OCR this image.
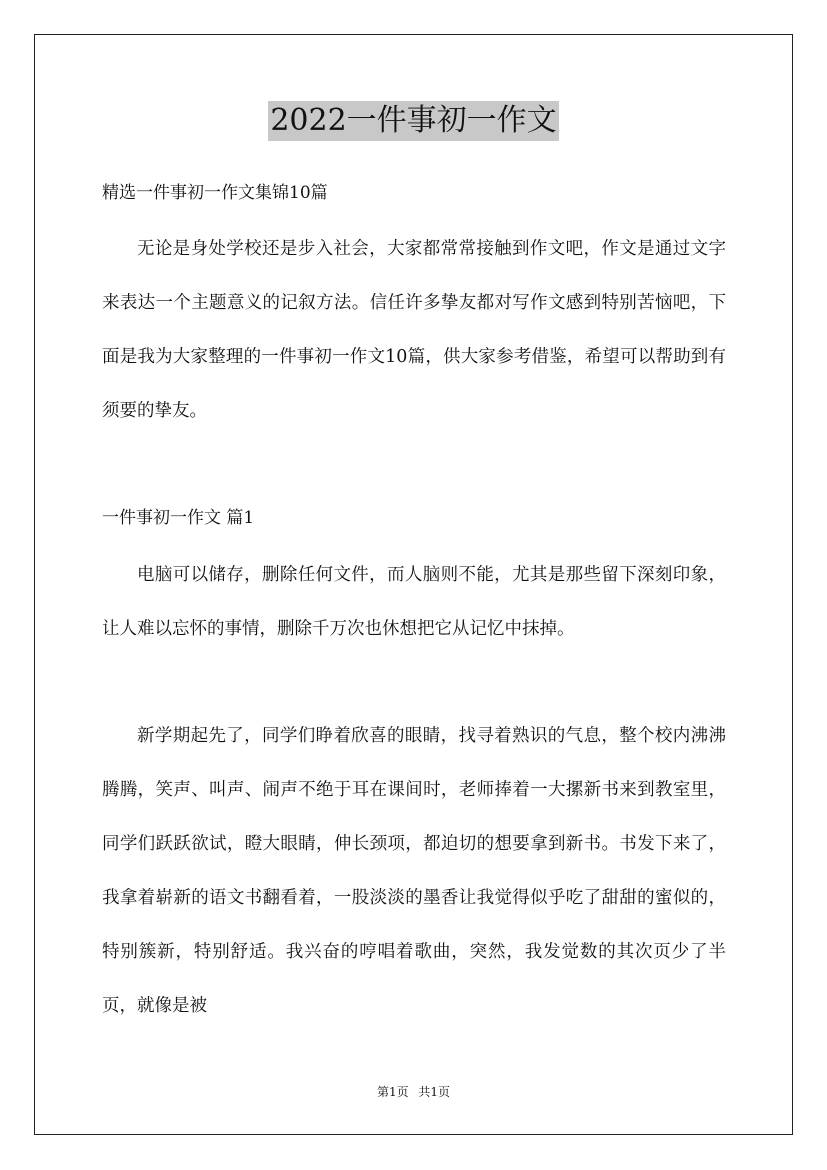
2022一件事初一作文
精选一件事初一作文集锦10篇

无论是身处学校还是步入社会，大家都常常接触到作文吧，作文是通过文字来表达一个主题意义的记叙方法。信任许多挚友都对写作文感到特别苦恼吧，下面是我为大家整理的一件事初一作文10篇，供大家参考借鉴，希望可以帮助到有须要的挚友。

一件事初一作文 篇1

电脑可以储存，删除任何文件，而人脑则不能，尤其是那些留下深刻印象，让人难以忘怀的事情，删除千万次也休想把它从记忆中抹掉。

新学期起先了，同学们睁着欣喜的眼睛，找寻着熟识的气息，整个校内沸沸腾腾，笑声、叫声、闹声不绝于耳在课间时，老师捧着一大摞新书来到教室里，同学们跃跃欲试，瞪大眼睛，伸长颈项，都迫切的想要拿到新书。书发下来了，我拿着崭新的语文书翻看着，一股淡淡的墨香让我觉得似乎吃了甜甜的蜜似的，特别簇新，特别舒适。我兴奋的哼唱着歌曲，突然，我发觉数的其次页少了半页，就像是被

第1页 共1页
